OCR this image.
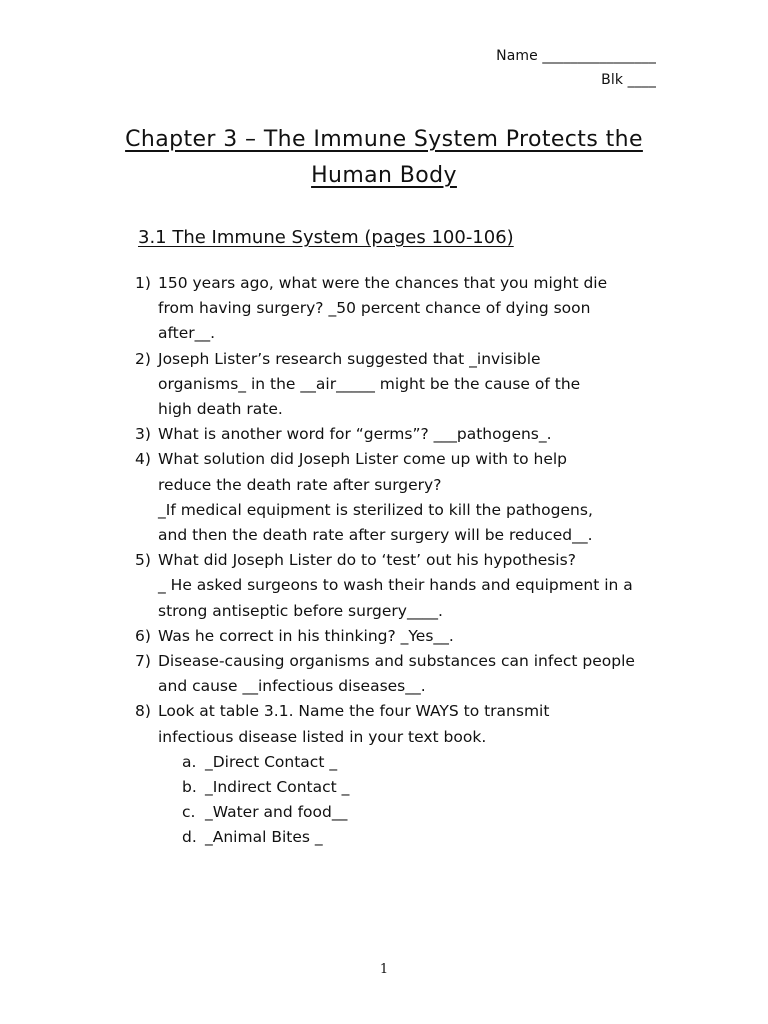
Name ________________
Blk ____
Chapter 3 – The Immune System Protects the
Human Body
3.1 The Immune System (pages 100-106)
1) 150 years ago, what were the chances that you might die
from having surgery? _50 percent chance of dying soon
after__.
2) Joseph Lister’s research suggested that _invisible
organisms_ in the __air_____ might be the cause of the
high death rate.
3) What is another word for “germs”? ___pathogens_.
4) What solution did Joseph Lister come up with to help
reduce the death rate after surgery?
_If medical equipment is sterilized to kill the pathogens,
and then the death rate after surgery will be reduced__.
5) What did Joseph Lister do to ‘test’ out his hypothesis?
_ He asked surgeons to wash their hands and equipment in a
strong antiseptic before surgery____.
6) Was he correct in his thinking? _Yes__.
7) Disease-causing organisms and substances can infect people
and cause __infectious diseases__.
8) Look at table 3.1. Name the four WAYS to transmit
infectious disease listed in your text book.
a. _Direct Contact _
b. _Indirect Contact _
c. _Water and food__
d. _Animal Bites _
1
